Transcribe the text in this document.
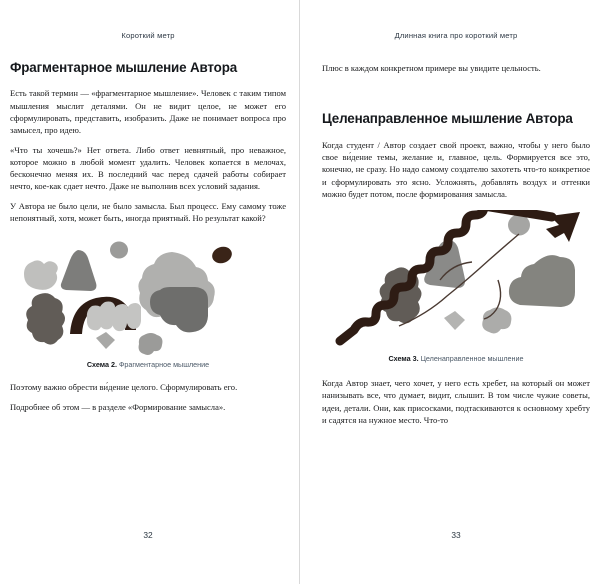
Короткий метр
Фрагментарное мышление Автора

Есть такой термин — «фрагментарное мышление». Человек с таким типом мышления мыслит деталями. Он не видит целое, не может его сформулировать, представить, изобразить. Даже не понимает вопроса про замысел, про идею.

«Что ты хочешь?» Нет ответа. Либо ответ невнятный, про неважное, которое можно в любой момент удалить. Человек копается в мелочах, бесконечно меняя их. В последний час перед сдачей работы собирает нечто, кое-как сдает нечто. Даже не выполнив всех условий задания.

У Автора не было цели, не было замысла. Был процесс. Ему самому тоже непонятный, хотя, может быть, иногда приятный. Но результат какой?

Схема 2. Фрагментарное мышление

Поэтому важно обрести ви́дение целого. Сформулировать его.

Подробнее об этом — в разделе «Формирование замысла».

32
Длинная книга про короткий метр

Плюс в каждом конкретном примере вы увидите цельность.

Целенаправленное мышление Автора

Когда студент / Автор создает свой проект, важно, чтобы у него было свое ви́дение темы, желание и, главное, цель. Формируется все это, конечно, не сразу. Но надо самому создателю захотеть что-то конкретное и сформулировать это ясно. Усложнять, добавлять воздух и оттенки можно будет потом, после формирования замысла.

Схема 3. Целенаправленное мышление

Когда Автор знает, чего хочет, у него есть хребет, на который он может нанизывать все, что думает, видит, слышит. В том числе чужие советы, идеи, детали. Они, как присосками, подтаскиваются к основному хребту и садятся на нужное место. Что-то

33
